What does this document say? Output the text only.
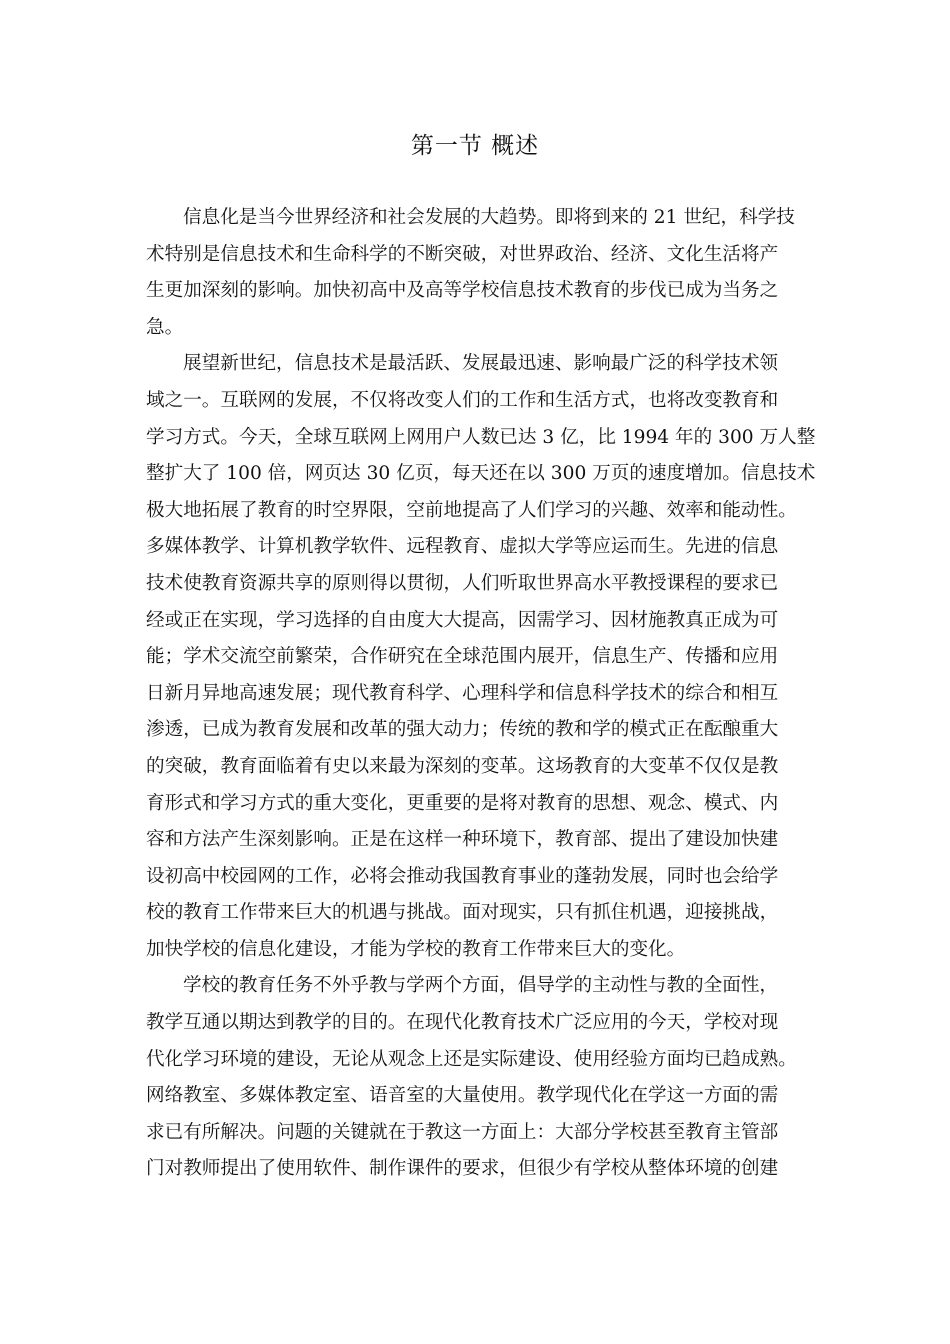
第一节 概述
信息化是当今世界经济和社会发展的大趋势。即将到来的 21 世纪，科学技
术特别是信息技术和生命科学的不断突破，对世界政治、经济、文化生活将产
生更加深刻的影响。加快初高中及高等学校信息技术教育的步伐已成为当务之
急。
展望新世纪，信息技术是最活跃、发展最迅速、影响最广泛的科学技术领
域之一。互联网的发展，不仅将改变人们的工作和生活方式，也将改变教育和
学习方式。今天，全球互联网上网用户人数已达 3 亿，比 1994 年的 300 万人整
整扩大了 100 倍，网页达 30 亿页，每天还在以 300 万页的速度增加。信息技术
极大地拓展了教育的时空界限，空前地提高了人们学习的兴趣、效率和能动性。
多媒体教学、计算机教学软件、远程教育、虚拟大学等应运而生。先进的信息
技术使教育资源共享的原则得以贯彻，人们听取世界高水平教授课程的要求已
经或正在实现，学习选择的自由度大大提高，因需学习、因材施教真正成为可
能；学术交流空前繁荣，合作研究在全球范围内展开，信息生产、传播和应用
日新月异地高速发展；现代教育科学、心理科学和信息科学技术的综合和相互
渗透，已成为教育发展和改革的强大动力；传统的教和学的模式正在酝酿重大
的突破，教育面临着有史以来最为深刻的变革。这场教育的大变革不仅仅是教
育形式和学习方式的重大变化，更重要的是将对教育的思想、观念、模式、内
容和方法产生深刻影响。正是在这样一种环境下，教育部、提出了建设加快建
设初高中校园网的工作，必将会推动我国教育事业的蓬勃发展，同时也会给学
校的教育工作带来巨大的机遇与挑战。面对现实，只有抓住机遇，迎接挑战，
加快学校的信息化建设，才能为学校的教育工作带来巨大的变化。
学校的教育任务不外乎教与学两个方面，倡导学的主动性与教的全面性，
教学互通以期达到教学的目的。在现代化教育技术广泛应用的今天，学校对现
代化学习环境的建设，无论从观念上还是实际建设、使用经验方面均已趋成熟。
网络教室、多媒体教定室、语音室的大量使用。教学现代化在学这一方面的需
求已有所解决。问题的关键就在于教这一方面上：大部分学校甚至教育主管部
门对教师提出了使用软件、制作课件的要求，但很少有学校从整体环境的创建
